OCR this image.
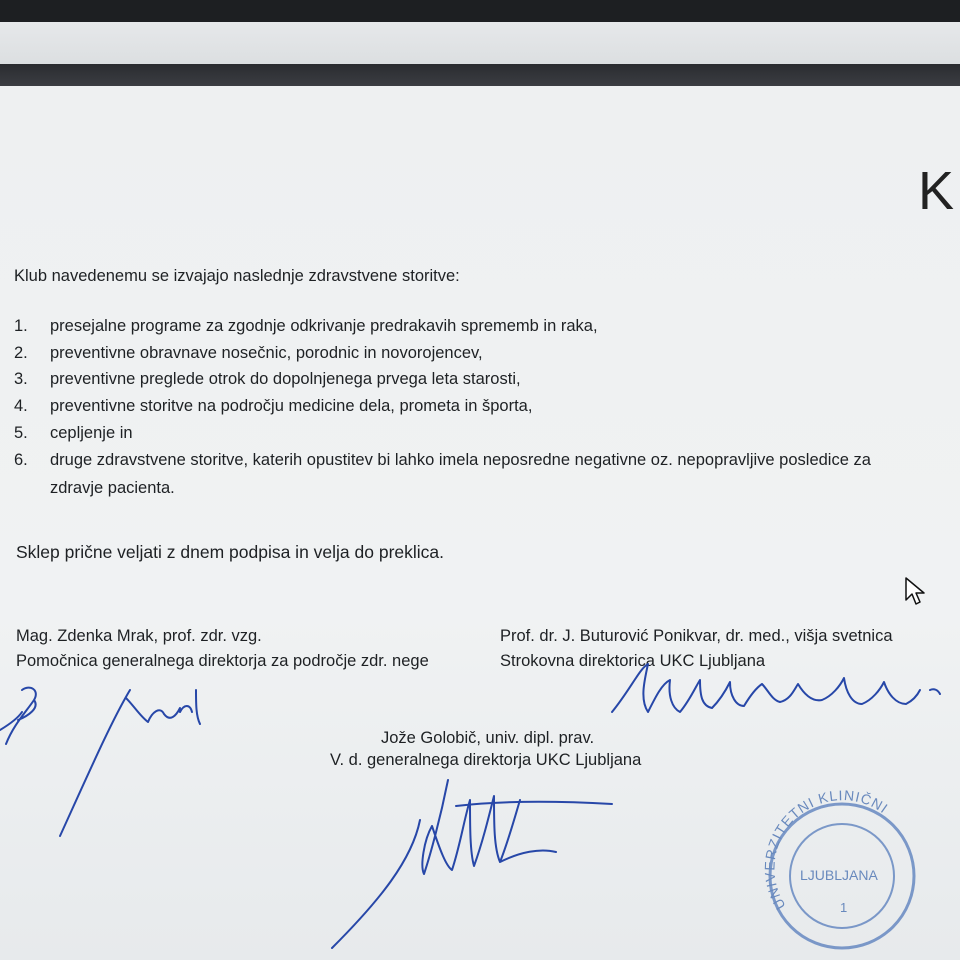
K
Klub navedenemu se izvajajo naslednje zdravstvene storitve:
1. presejalne programe za zgodnje odkrivanje predrakavih sprememb in raka,
2. preventivne obravnave nosečnic, porodnic in novorojencev,
3. preventivne preglede otrok do dopolnjenega prvega leta starosti,
4. preventivne storitve na področju medicine dela, prometa in športa,
5. cepljenje in
6. druge zdravstvene storitve, katerih opustitev bi lahko imela neposredne negativne oz. nepopravljive posledice za
zdravje pacienta.
Sklep prične veljati z dnem podpisa in velja do preklica.
Mag. Zdenka Mrak, prof. zdr. vzg.
Pomočnica generalnega direktorja za področje zdr. nege
Prof. dr. J. Buturović Ponikvar, dr. med., višja svetnica
Strokovna direktorica UKC Ljubljana
Jože Golobič, univ. dipl. prav.
V. d. generalnega direktorja UKC Ljubljana
UNIVERZITETNI KLINIČNI
LJUBLJANA
1
